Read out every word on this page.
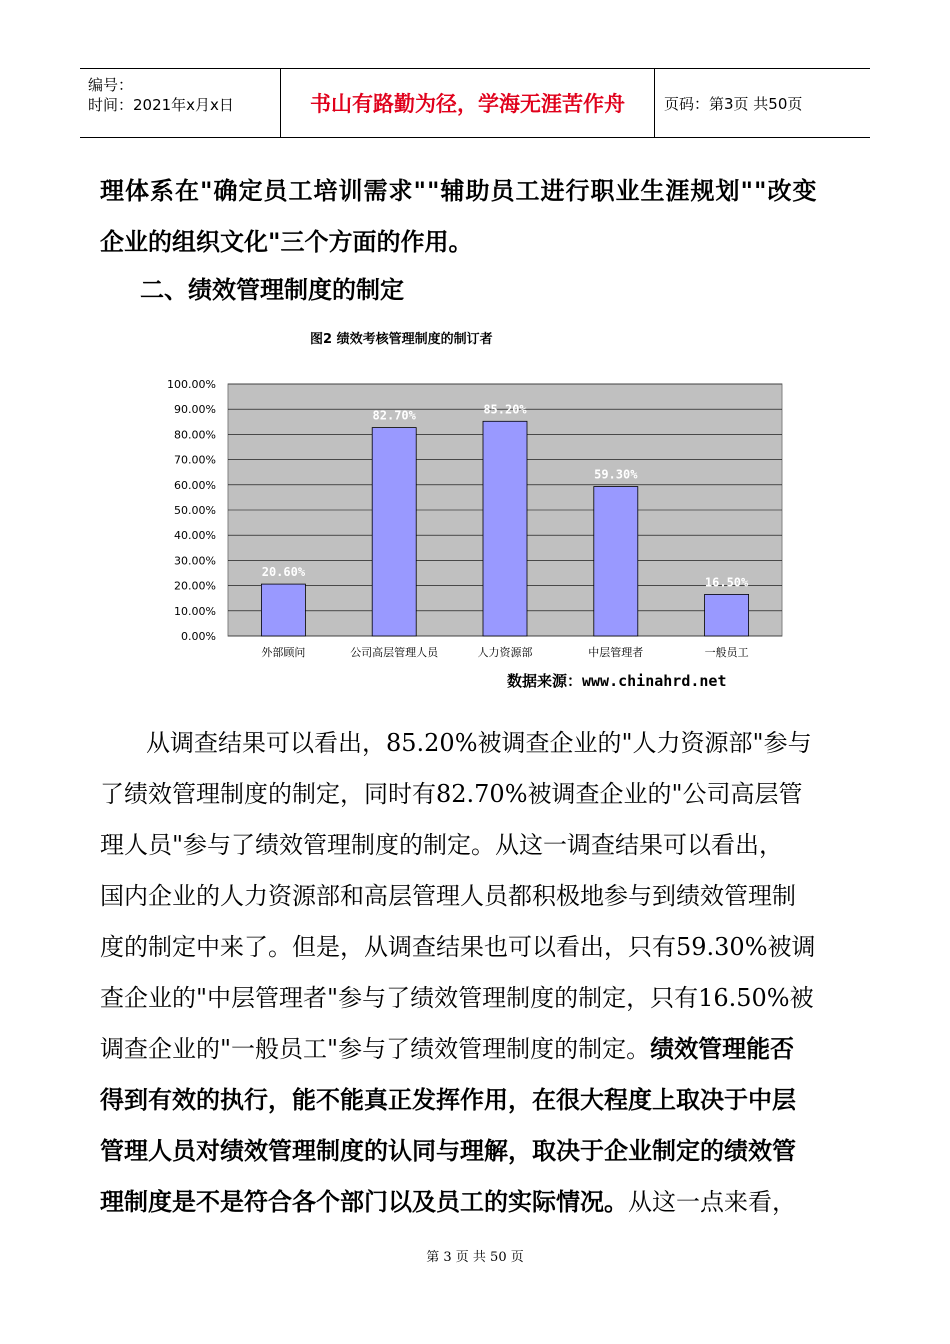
编号：
时间：2021年x月x日	书山有路勤为径，学海无涯苦作舟	页码：第3页 共50页

理体系在"确定员工培训需求""辅助员工进行职业生涯规划""改变

企业的组织文化"三个方面的作用。

二、绩效管理制度的制定

图2 绩效考核管理制度的制订者
0.00%
10.00%
20.00%
30.00%
40.00%
50.00%
60.00%
70.00%
80.00%
90.00%
100.00%
20.60%
82.70%	85.20%
59.30%
16.50%
外部顾问	公司高层管理人员	人力资源部	中层管理者	一般员工
数据来源：www.chinahrd.net

从调查结果可以看出，85.20%被调查企业的"人力资源部"参与

了绩效管理制度的制定，同时有82.70%被调查企业的"公司高层管

理人员"参与了绩效管理制度的制定。从这一调查结果可以看出，

国内企业的人力资源部和高层管理人员都积极地参与到绩效管理制

度的制定中来了。但是，从调查结果也可以看出，只有59.30%被调

查企业的"中层管理者"参与了绩效管理制度的制定，只有16.50%被

调查企业的"一般员工"参与了绩效管理制度的制定。绩效管理能否

得到有效的执行，能不能真正发挥作用，在很大程度上取决于中层

管理人员对绩效管理制度的认同与理解，取决于企业制定的绩效管

理制度是不是符合各个部门以及员工的实际情况。从这一点来看，

第 3 页 共 50 页
